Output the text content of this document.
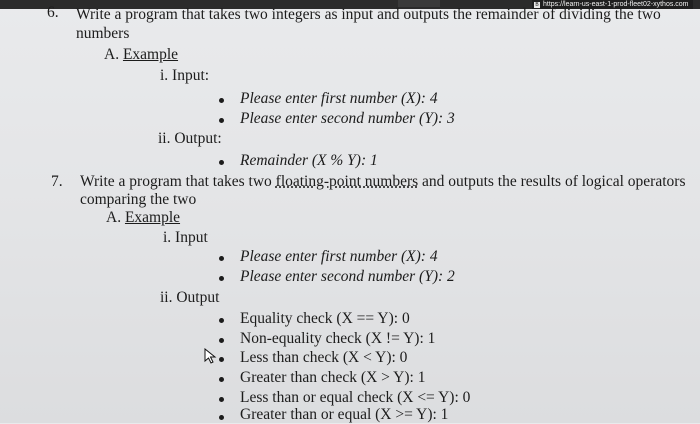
B https://learn-us-east-1-prod-fleet02-xythos.com
6. Write a program that takes two integers as input and outputs the remainder of dividing the two
numbers
A. Example
i. Input:
Please enter first number (X): 4
Please enter second number (Y): 3
ii. Output:
Remainder (X % Y): 1
7. Write a program that takes two floating-point numbers and outputs the results of logical operators
comparing the two
A. Example
i. Input
Please enter first number (X): 4
Please enter second number (Y): 2
ii. Output
Equality check (X == Y): 0
Non-equality check (X != Y): 1
Less than check (X < Y): 0
Greater than check (X > Y): 1
Less than or equal check (X <= Y): 0
Greater than or equal (X >= Y): 1
